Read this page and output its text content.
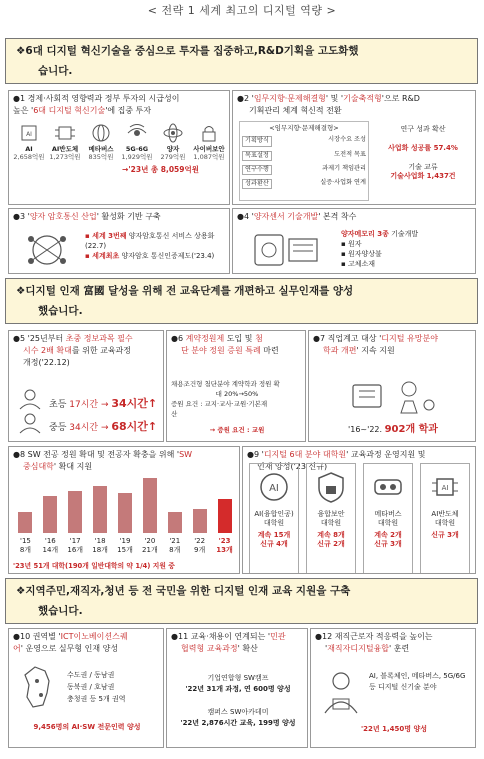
< 전략 1 세계 최고의 디지털 역량 >
❖6대 디지털 혁신기술을 중심으로 투자를 집중하고,R&D기획을 고도화했
습니다.
●1 경제·사회적 영향력과 정부 투자의 시급성이
높은 '6대 디지털 혁신기술'에 집중 투자
AI
AI
2,658억원
AI반도체
1,273억원
메타버스
835억원
5G·6G
1,929억원
양자
279억원
사이버보안
1,087억원
→'23년 총 8,059억원
●2 '임무지향·문제해결형' 및 '기술축적형'으로 R&D
기획관리 체계 혁신적 전환
<임무지향·문제해결형>
기획방식	시장수요 조성
목표설정	도전적 목표
연구수행	과제기 책임관리
성과환산	실증·사업화 연계
연구 성과 확산
사업화 성공률 57.4%
기술 교류
기술사업화 1,437건
●3 '양자 암호통신 산업' 활성화 기반 구축
▪ 세계 3번째 양자암호통신 서비스 상용화(22.7)
▪ 세계최초 양자암호 통신인증제도('23.4)
●4 '양자센서 기술개발' 본격 착수
양자메모리 3종 기술개발
▪ 원자
▪ 원자양상불
▪ 고체소재
❖디지털 인재 富國 달성을 위해 전 교육단계를 개편하고 실무인재를 양성
했습니다.
●5 '25년부터 초중 정보과목 필수
시수 2배 확대를 위한 교육과정
개정('22.12)
초등 17시간 → 34시간↑
중등 34시간 → 68시간↑
●6 계약정원제 도입 및 첨
단 분야 정원 증원 특례 마련
채용조건형 첨단분야 계약학과 정원 확
대 20%→50%
증원 요건 : 교지·교사·교원·기본재
산
→ 증원 요건 : 교원
●7 직업계고 대상 '디지털 유망분야
학과 개편' 지속 지원
'16~'22. 902개 학과
●8 SW 전공 정원 확대 및 전공자 확충을 위해 'SW
중심대학' 확대 지원
'15
8개
'16
14개
'17
16개
'18
18개
'19
15개
'20
21개
'21
8개
'22
9개
'23
13개
'23년 51개 대학(190개 일반대학의 약 1/4) 지원 중
●9 '디지털 6대 분야 대학원' 교육과정 운영지원 및
인재 양성('23 신규)
AI
AI(융합인공)
대학원
계속 15개
신규 4개
융합보안
대학원
계속 8개
신규 2개
메타버스
대학원
계속 2개
신규 3개
AI
AI반도체
대학원
신규 3개
❖지역주민,재직자,청년 등 전 국민을 위한 디지털 인재 교육 지원을 구축
했습니다.
●10 권역별 'ICT이노베이션스퀘
어' 운영으로 실무형 인재 양성
수도권 / 동남권
동북권 / 호남권
충청권 등 5개 권역
9,456명의 AI·SW 전문인력 양성
●11 교육·채용이 연계되는 '민관
협력형 교육과정' 확산
기업연합형 SW캠프
'22년 31개 과정, 연 600명 양성
캠퍼스 SW아카데미
'22년 2,876시간 교육, 199명 양성
●12 재직근로자 적응력을 높이는
'재직자디지털융합' 훈련
AI, 블록체인, 메타버스, 5G/6G 등 디지털 신기술 분야
'22년 1,450명 양성
